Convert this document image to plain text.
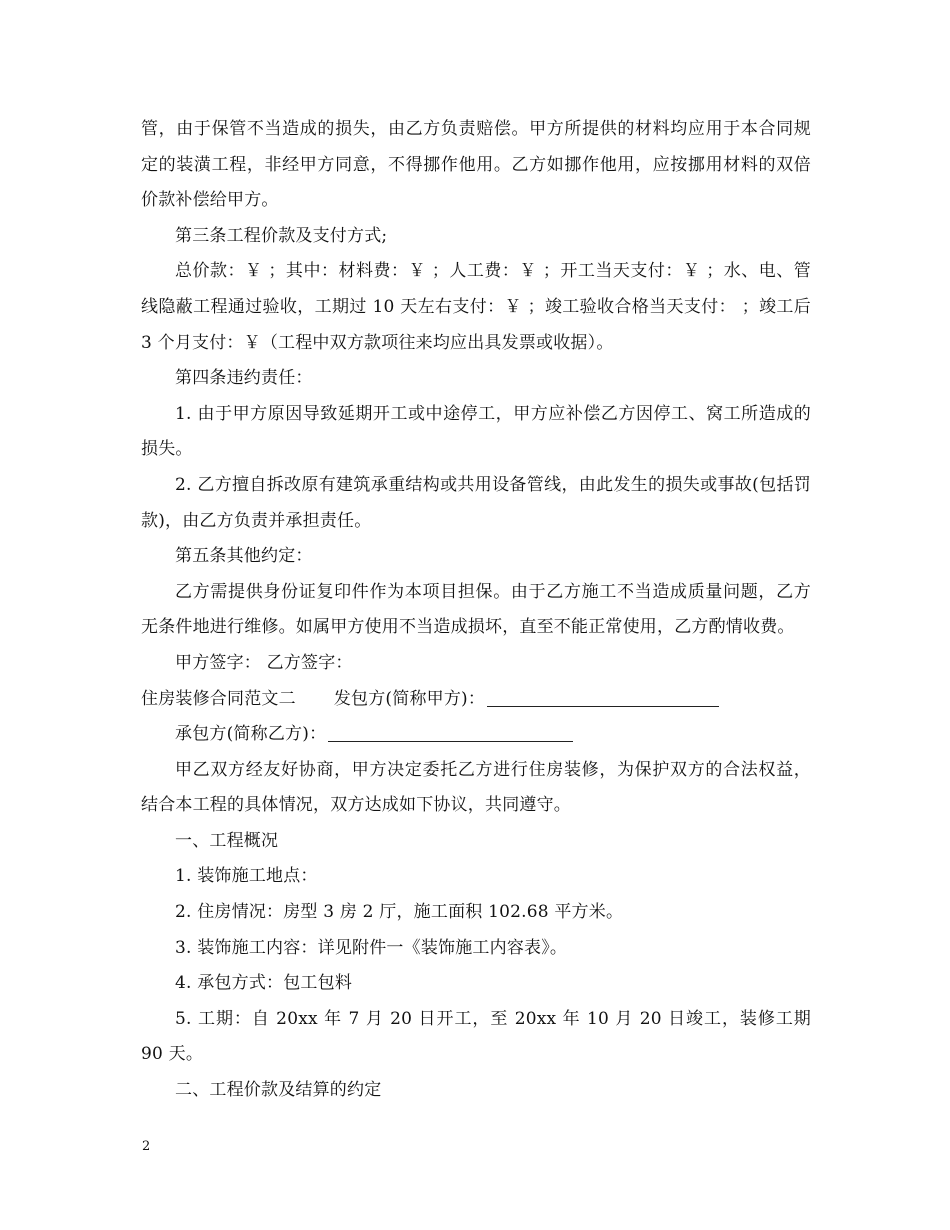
管，由于保管不当造成的损失，由乙方负责赔偿。甲方所提供的材料均应用于本合同规定的装潢工程，非经甲方同意，不得挪作他用。乙方如挪作他用，应按挪用材料的双倍价款补偿给甲方。

第三条工程价款及支付方式;

总价款：￥ ；其中：材料费：￥ ；人工费：￥ ；开工当天支付：￥ ；水、电、管线隐蔽工程通过验收，工期过 10 天左右支付：￥ ；竣工验收合格当天支付： ；竣工后 3 个月支付：￥（工程中双方款项往来均应出具发票或收据）。

第四条违约责任：

1. 由于甲方原因导致延期开工或中途停工，甲方应补偿乙方因停工、窝工所造成的损失。

2. 乙方擅自拆改原有建筑承重结构或共用设备管线，由此发生的损失或事故(包括罚款)，由乙方负责并承担责任。

第五条其他约定：

乙方需提供身份证复印件作为本项目担保。由于乙方施工不当造成质量问题，乙方无条件地进行维修。如属甲方使用不当造成损坏，直至不能正常使用，乙方酌情收费。

甲方签字： 乙方签字：

住房装修合同范文二 发包方(简称甲方)：

承包方(简称乙方)：

甲乙双方经友好协商，甲方决定委托乙方进行住房装修，为保护双方的合法权益，结合本工程的具体情况，双方达成如下协议，共同遵守。

一、工程概况

1. 装饰施工地点：

2. 住房情况：房型 3 房 2 厅，施工面积 102.68 平方米。

3. 装饰施工内容：详见附件一《装饰施工内容表》。

4. 承包方式：包工包料

5. 工期：自 20xx 年 7 月 20 日开工，至 20xx 年 10 月 20 日竣工，装修工期 90 天。

二、工程价款及结算的约定

2
